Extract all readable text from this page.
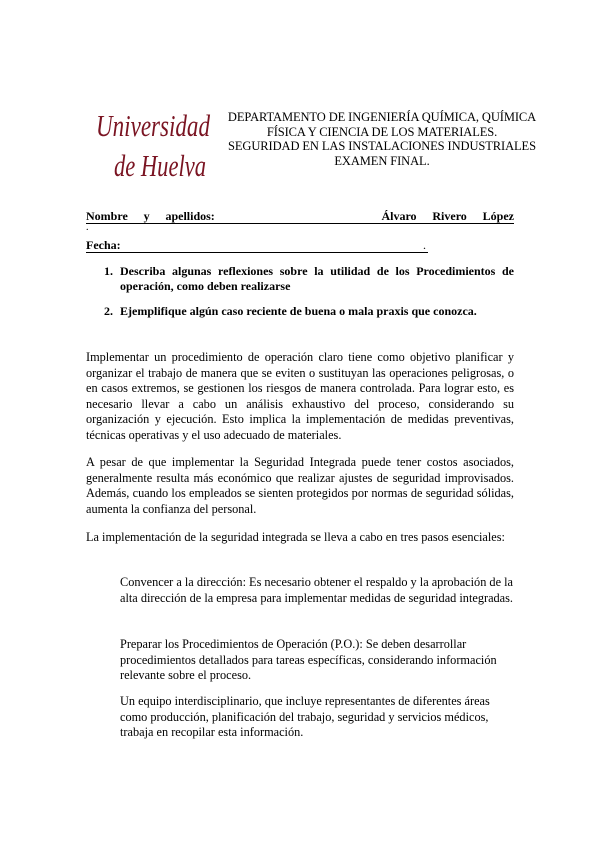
Universidad
de Huelva
DEPARTAMENTO DE INGENIERÍA QUÍMICA, QUÍMICA
FÍSICA Y CIENCIA DE LOS MATERIALES.
SEGURIDAD EN LAS INSTALACIONES INDUSTRIALES
EXAMEN FINAL.
Nombre y apellidos:	Álvaro Rivero López
.
Fecha:	.
1. Describa algunas reflexiones sobre la utilidad de los Procedimientos de operación, como deben realizarse
2. Ejemplifique algún caso reciente de buena o mala praxis que conozca.

Implementar un procedimiento de operación claro tiene como objetivo planificar y organizar el trabajo de manera que se eviten o sustituyan las operaciones peligrosas, o en casos extremos, se gestionen los riesgos de manera controlada. Para lograr esto, es necesario llevar a cabo un análisis exhaustivo del proceso, considerando su organización y ejecución. Esto implica la implementación de medidas preventivas, técnicas operativas y el uso adecuado de materiales.

A pesar de que implementar la Seguridad Integrada puede tener costos asociados, generalmente resulta más económico que realizar ajustes de seguridad improvisados. Además, cuando los empleados se sienten protegidos por normas de seguridad sólidas, aumenta la confianza del personal.

La implementación de la seguridad integrada se lleva a cabo en tres pasos esenciales:

Convencer a la dirección: Es necesario obtener el respaldo y la aprobación de la alta dirección de la empresa para implementar medidas de seguridad integradas.

Preparar los Procedimientos de Operación (P.O.): Se deben desarrollar procedimientos detallados para tareas específicas, considerando información relevante sobre el proceso.

Un equipo interdisciplinario, que incluye representantes de diferentes áreas como producción, planificación del trabajo, seguridad y servicios médicos, trabaja en recopilar esta información.
